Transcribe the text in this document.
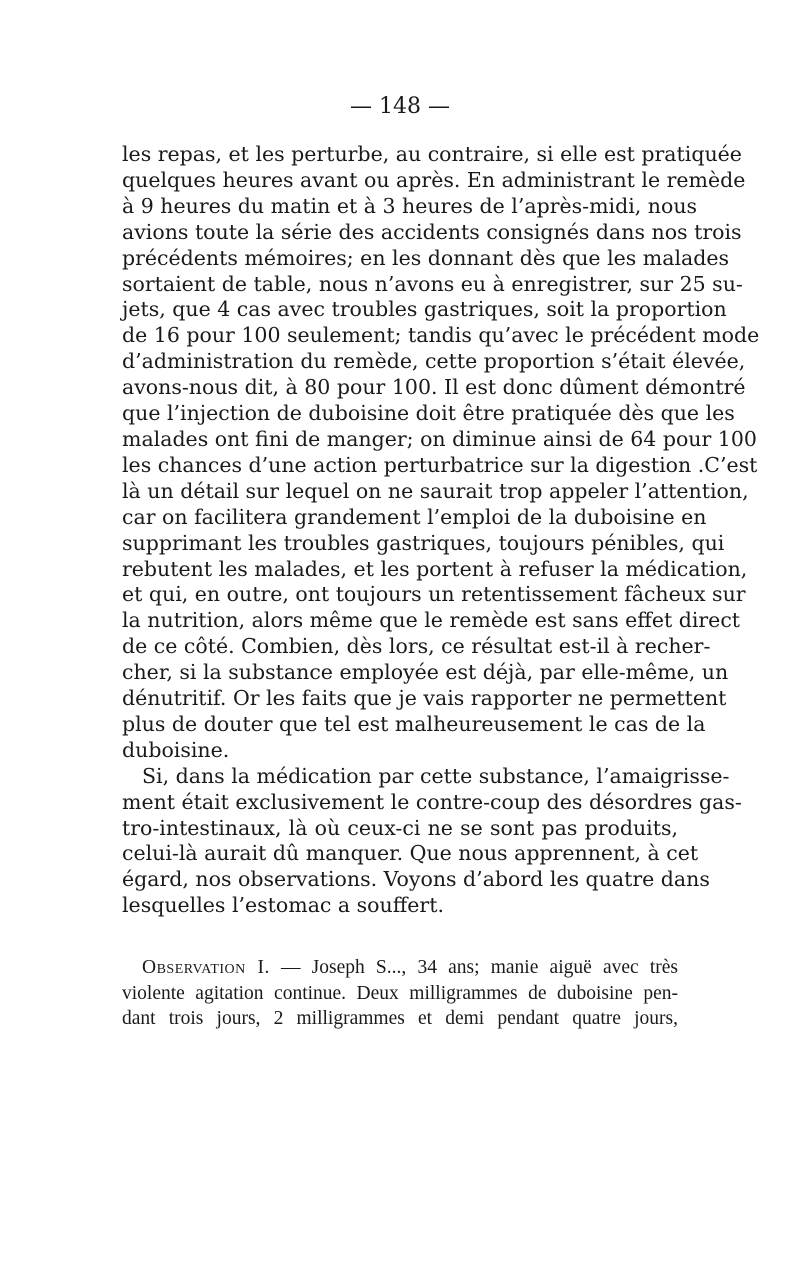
— 148 —
les repas, et les perturbe, au contraire, si elle est pratiquée
quelques heures avant ou après. En administrant le remède
à 9 heures du matin et à 3 heures de l’après-midi, nous
avions toute la série des accidents consignés dans nos trois
précédents mémoires; en les donnant dès que les malades
sortaient de table, nous n’avons eu à enregistrer, sur 25 su-
jets, que 4 cas avec troubles gastriques, soit la proportion
de 16 pour 100 seulement; tandis qu’avec le précédent mode
d’administration du remède, cette proportion s’était élevée,
avons-nous dit, à 80 pour 100. Il est donc dûment démontré
que l’injection de duboisine doit être pratiquée dès que les
malades ont fini de manger; on diminue ainsi de 64 pour 100
les chances d’une action perturbatrice sur la digestion .C’est
là un détail sur lequel on ne saurait trop appeler l’attention,
car on facilitera grandement l’emploi de la duboisine en
supprimant les troubles gastriques, toujours pénibles, qui
rebutent les malades, et les portent à refuser la médication,
et qui, en outre, ont toujours un retentissement fâcheux sur
la nutrition, alors même que le remède est sans effet direct
de ce côté. Combien, dès lors, ce résultat est-il à recher-
cher, si la substance employée est déjà, par elle-même, un
dénutritif. Or les faits que je vais rapporter ne permettent
plus de douter que tel est malheureusement le cas de la
duboisine.
Si, dans la médication par cette substance, l’amaigrisse-
ment était exclusivement le contre-coup des désordres gas-
tro-intestinaux, là où ceux-ci ne se sont pas produits,
celui-là aurait dû manquer. Que nous apprennent, à cet
égard, nos observations. Voyons d’abord les quatre dans
lesquelles l’estomac a souffert.
Observation I. — Joseph S..., 34 ans; manie aiguë avec très
violente agitation continue. Deux milligrammes de duboisine pen-
dant trois jours, 2 milligrammes et demi pendant quatre jours,
